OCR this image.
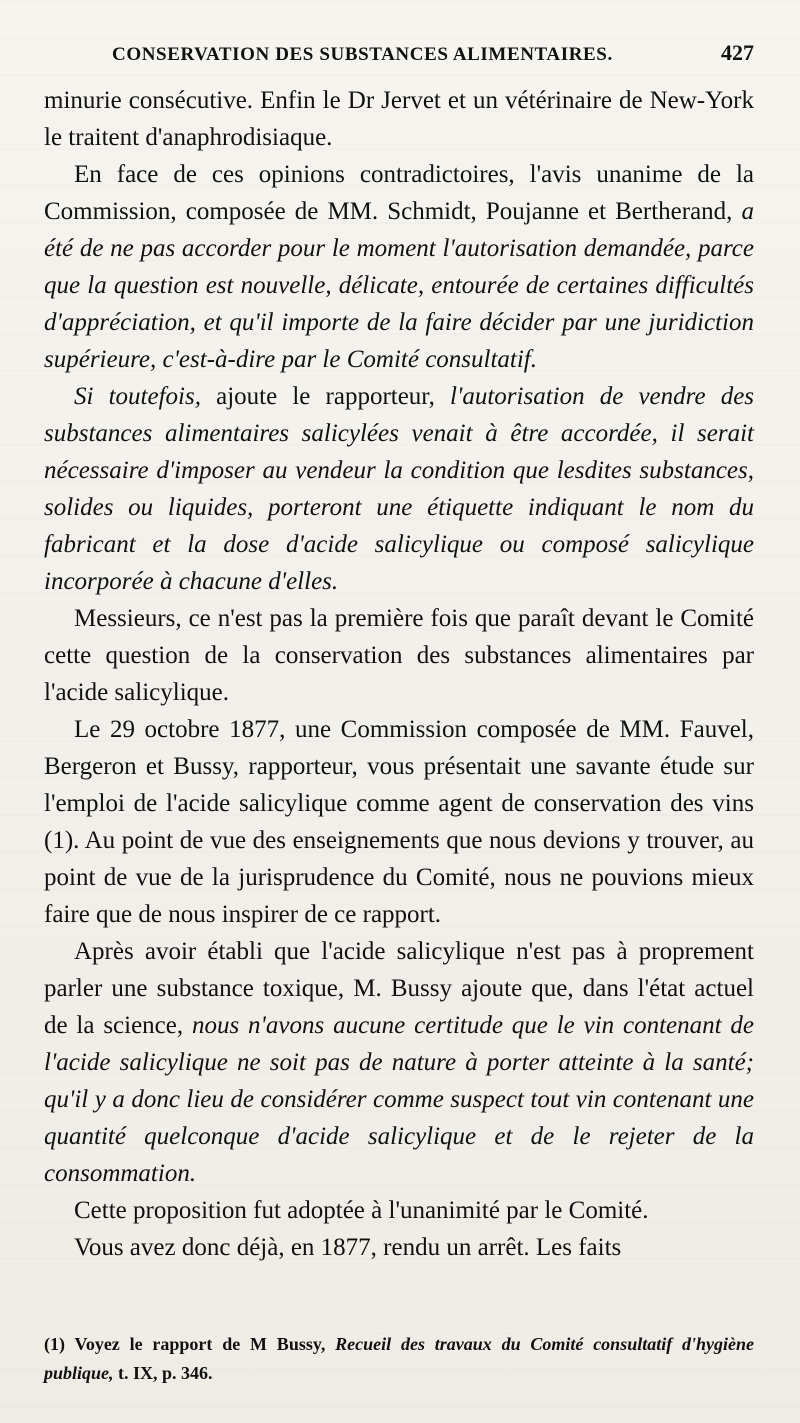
CONSERVATION DES SUBSTANCES ALIMENTAIRES.	427

minurie consécutive. Enfin le Dr Jervet et un vétérinaire de New-York le traitent d'anaphrodisiaque.

En face de ces opinions contradictoires, l'avis unanime de la Commission, composée de MM. Schmidt, Poujanne et Bertherand, a été de ne pas accorder pour le moment l'autorisation demandée, parce que la question est nouvelle, délicate, entourée de certaines difficultés d'appréciation, et qu'il importe de la faire décider par une juridiction supérieure, c'est-à-dire par le Comité consultatif.

Si toutefois, ajoute le rapporteur, l'autorisation de vendre des substances alimentaires salicylées venait à être accordée, il serait nécessaire d'imposer au vendeur la condition que lesdites substances, solides ou liquides, porteront une étiquette indiquant le nom du fabricant et la dose d'acide salicylique ou composé salicylique incorporée à chacune d'elles.

Messieurs, ce n'est pas la première fois que paraît devant le Comité cette question de la conservation des substances alimentaires par l'acide salicylique.

Le 29 octobre 1877, une Commission composée de MM. Fauvel, Bergeron et Bussy, rapporteur, vous présentait une savante étude sur l'emploi de l'acide salicylique comme agent de conservation des vins (1). Au point de vue des enseignements que nous devions y trouver, au point de vue de la jurisprudence du Comité, nous ne pouvions mieux faire que de nous inspirer de ce rapport.

Après avoir établi que l'acide salicylique n'est pas à proprement parler une substance toxique, M. Bussy ajoute que, dans l'état actuel de la science, nous n'avons aucune certitude que le vin contenant de l'acide salicylique ne soit pas de nature à porter atteinte à la santé; qu'il y a donc lieu de considérer comme suspect tout vin contenant une quantité quelconque d'acide salicylique et de le rejeter de la consommation.

Cette proposition fut adoptée à l'unanimité par le Comité.

Vous avez donc déjà, en 1877, rendu un arrêt. Les faits

(1) Voyez le rapport de M Bussy, Recueil des travaux du Comité consultatif d'hygiène publique, t. IX, p. 346.
